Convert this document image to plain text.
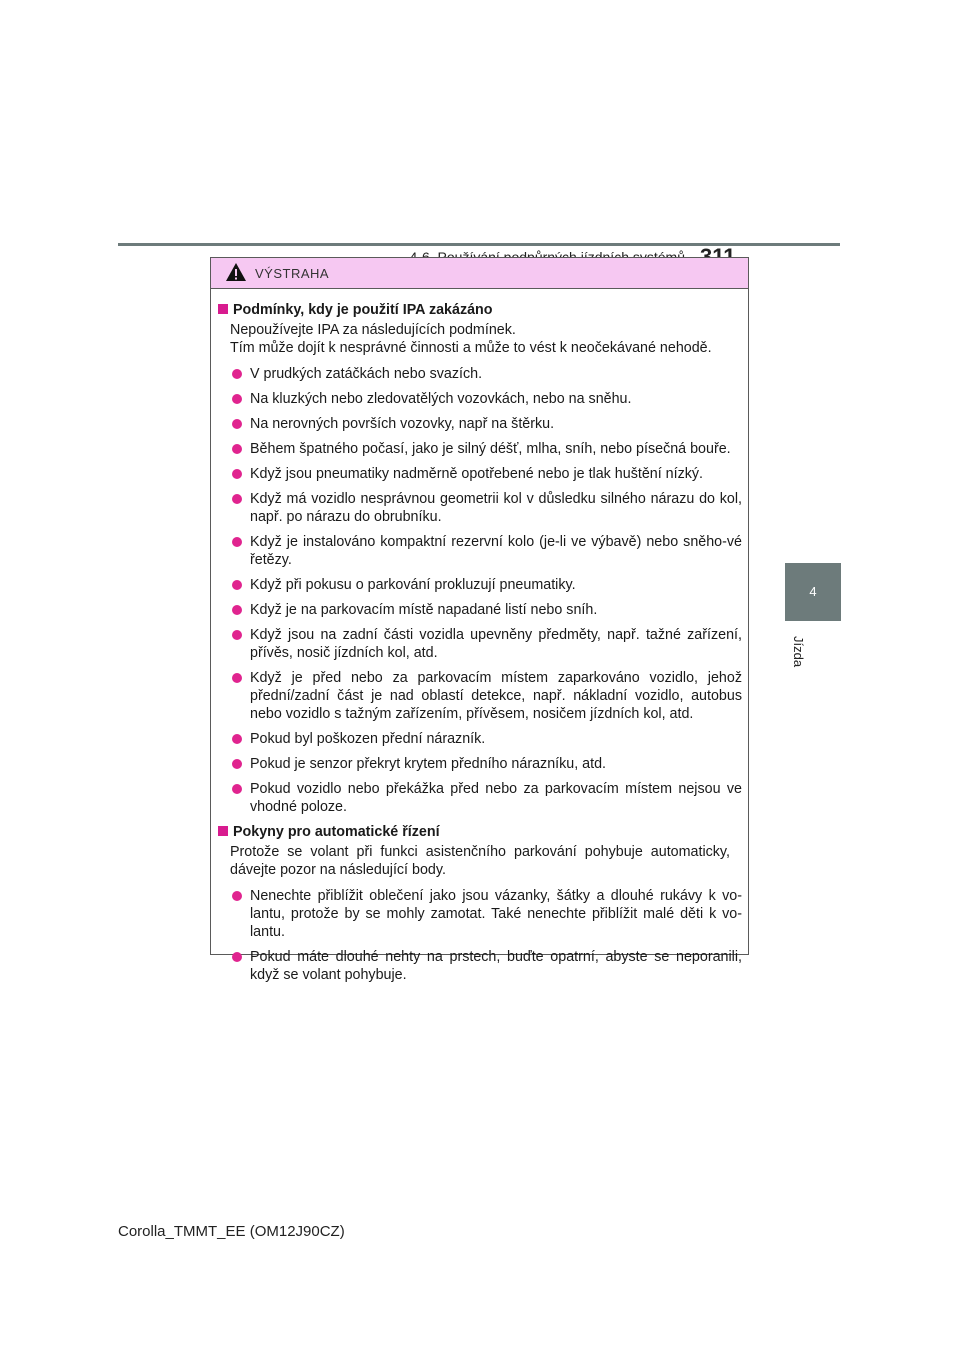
4
Jízda
VÝSTRAHA
Podmínky, kdy je použití IPA zakázáno
Nepoužívejte IPA za následujících podmínek.
Tím může dojít k nesprávné činnosti a může to vést k neočekávané nehodě.
V prudkých zatáčkách nebo svazích.
Na kluzkých nebo zledovatělých vozovkách, nebo na sněhu.
Na nerovných površích vozovky, např na štěrku.
Během špatného počasí, jako je silný déšť, mlha, sníh, nebo písečná bouře.
Když jsou pneumatiky nadměrně opotřebené nebo je tlak huštění nízký.
Když má vozidlo nesprávnou geometrii kol v důsledku silného nárazu do kol, např. po nárazu do obrubníku.
Když je instalováno kompaktní rezervní kolo (je-li ve výbavě) nebo sněho-vé řetězy.
Když při pokusu o parkování prokluzují pneumatiky.
Když je na parkovacím místě napadané listí nebo sníh.
Když jsou na zadní části vozidla upevněny předměty, např. tažné zařízení, přívěs, nosič jízdních kol, atd.
Když je před nebo za parkovacím místem zaparkováno vozidlo, jehož přední/zadní část je nad oblastí detekce, např. nákladní vozidlo, autobus nebo vozidlo s tažným zařízením, přívěsem, nosičem jízdních kol, atd.
Pokud byl poškozen přední nárazník.
Pokud je senzor překryt krytem předního nárazníku, atd.
Pokud vozidlo nebo překážka před nebo za parkovacím místem nejsou ve vhodné poloze.
Pokyny pro automatické řízení
Protože se volant při funkci asistenčního parkování pohybuje automaticky, dávejte pozor na následující body.
Nenechte přiblížit oblečení jako jsou vázanky, šátky a dlouhé rukávy k vo-lantu, protože by se mohly zamotat. Také nenechte přiblížit malé děti k vo-lantu.
Pokud máte dlouhé nehty na prstech, buďte opatrní, abyste se neporanili, když se volant pohybuje.
Corolla_TMMT_EE (OM12J90CZ)
